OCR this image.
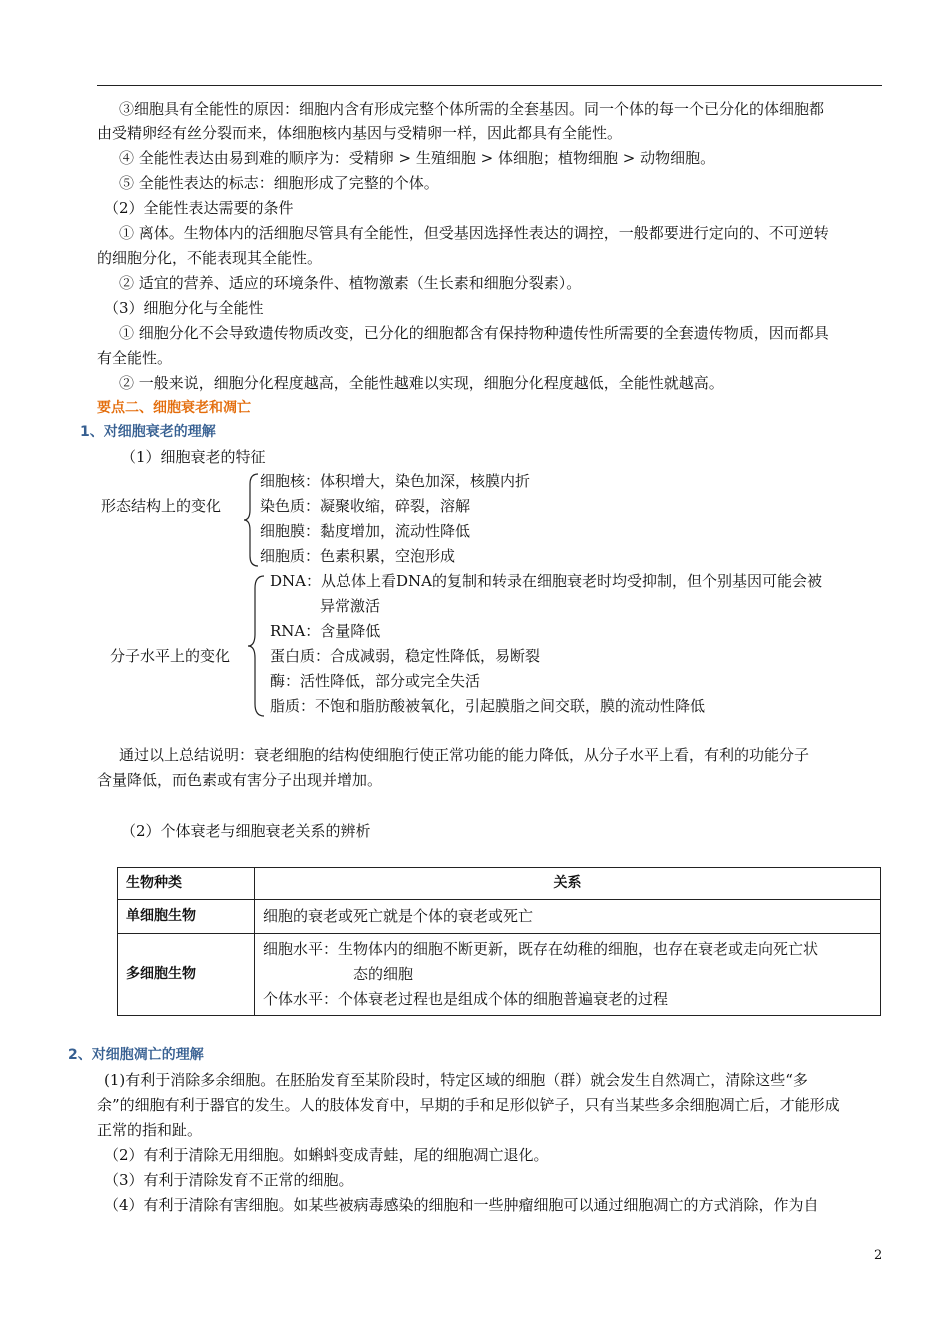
③细胞具有全能性的原因：细胞内含有形成完整个体所需的全套基因。同一个体的每一个已分化的体细胞都
由受精卵经有丝分裂而来，体细胞核内基因与受精卵一样，因此都具有全能性。
④ 全能性表达由易到难的顺序为：受精卵 > 生殖细胞 > 体细胞；植物细胞 > 动物细胞。
⑤ 全能性表达的标志：细胞形成了完整的个体。
（2）全能性表达需要的条件
① 离体。生物体内的活细胞尽管具有全能性，但受基因选择性表达的调控，一般都要进行定向的、不可逆转
的细胞分化，不能表现其全能性。
② 适宜的营养、适应的环境条件、植物激素（生长素和细胞分裂素）。
（3）细胞分化与全能性
① 细胞分化不会导致遗传物质改变，已分化的细胞都含有保持物种遗传性所需要的全套遗传物质，因而都具
有全能性。
② 一般来说，细胞分化程度越高，全能性越难以实现，细胞分化程度越低，全能性就越高。
要点二、细胞衰老和凋亡
1、对细胞衰老的理解
（1）细胞衰老的特征
形态结构上的变化
细胞核：体积增大，染色加深，核膜内折
染色质：凝聚收缩，碎裂，溶解
细胞膜：黏度增加，流动性降低
细胞质：色素积累，空泡形成
分子水平上的变化
DNA：从总体上看DNA的复制和转录在细胞衰老时均受抑制，但个别基因可能会被
异常激活
RNA：含量降低
蛋白质：合成减弱，稳定性降低，易断裂
酶：活性降低，部分或完全失活
脂质：不饱和脂肪酸被氧化，引起膜脂之间交联，膜的流动性降低
通过以上总结说明：衰老细胞的结构使细胞行使正常功能的能力降低，从分子水平上看，有利的功能分子
含量降低，而色素或有害分子出现并增加。
（2）个体衰老与细胞衰老关系的辨析
生物种类	关系
单细胞生物	细胞的衰老或死亡就是个体的衰老或死亡
多细胞生物	细胞水平：生物体内的细胞不断更新，既存在幼稚的细胞，也存在衰老或走向死亡状
态的细胞
个体水平：个体衰老过程也是组成个体的细胞普遍衰老的过程
2、对细胞凋亡的理解
(1)有利于消除多余细胞。在胚胎发育至某阶段时，特定区域的细胞（群）就会发生自然凋亡，清除这些“多
余”的细胞有利于器官的发生。人的肢体发育中，早期的手和足形似铲子，只有当某些多余细胞凋亡后，才能形成
正常的指和趾。
（2）有利于清除无用细胞。如蝌蚪变成青蛙，尾的细胞凋亡退化。
（3）有利于清除发育不正常的细胞。
（4）有利于清除有害细胞。如某些被病毒感染的细胞和一些肿瘤细胞可以通过细胞凋亡的方式消除，作为自
2
